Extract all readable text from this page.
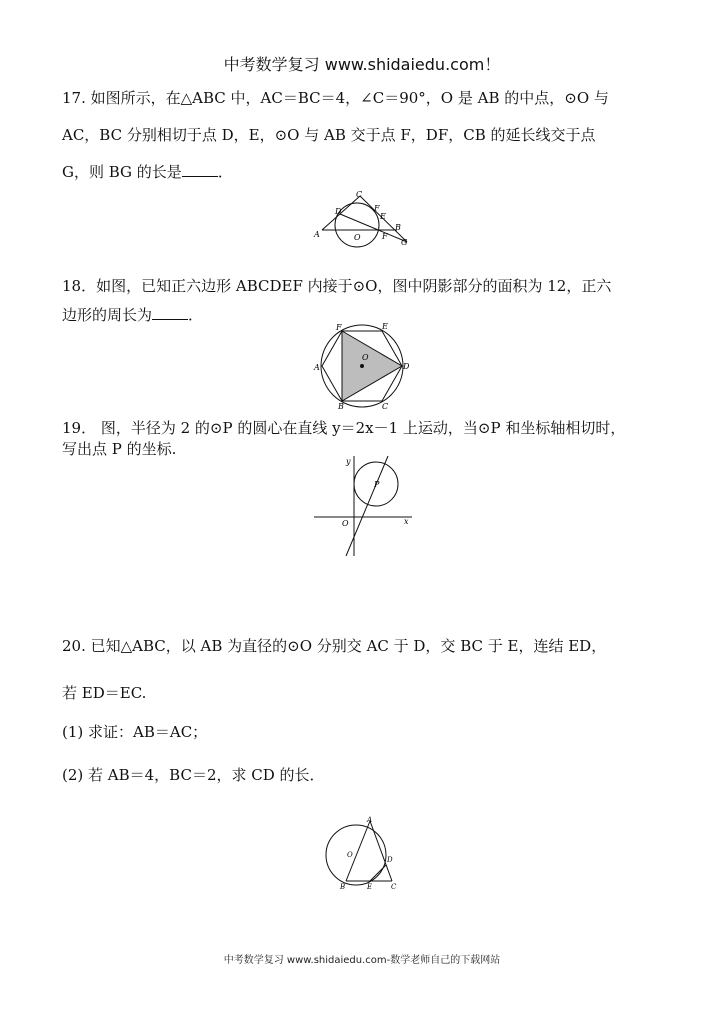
中考数学复习 www.shidaiedu.com！
17. 如图所示，在△ABC 中，AC＝BC＝4，∠C＝90°，O 是 AB 的中点，⊙O 与
AC，BC 分别相切于点 D，E，⊙O 与 AB 交于点 F，DF，CB 的延长线交于点
G，则 BG 的长是 ．
C
D	F
E
B
A	O	F
G
18．如图，已知正六边形 ABCDEF 内接于⊙O，图中阴影部分的面积为 12，正六
边形的周长为 ．
F	E
A
O
D
B	C
19． 图，半径为 2 的⊙P 的圆心在直线 y＝2x－1 上运动，当⊙P 和坐标轴相切时，
写出点 P 的坐标.
y
x
O
P
20. 已知△ABC，以 AB 为直径的⊙O 分别交 AC 于 D，交 BC 于 E，连结 ED，
若 ED＝EC.
(1) 求证：AB＝AC；
(2) 若 AB＝4，BC＝2，求 CD 的长．
A
O
D
B	E	C
中考数学复习 www.shidaiedu.com-数学老师自己的下载网站
